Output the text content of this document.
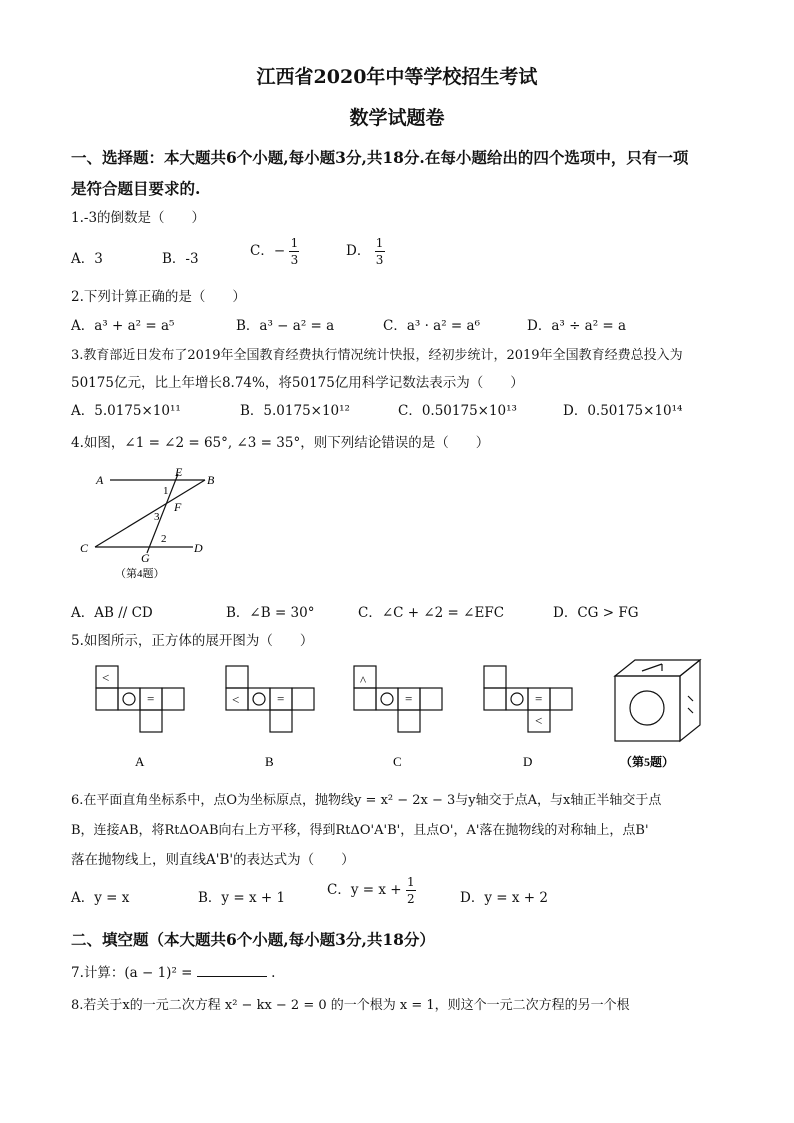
江西省2020年中等学校招生考试
数学试题卷
一、选择题：本大题共6个小题,每小题3分,共18分.在每小题给出的四个选项中，只有一项
是符合题目要求的.
1.-3的倒数是（　　）
A．3	B．-3	C．− $\frac{1}{3}$	D． $\frac{1}{3}$
2.下列计算正确的是（　　）
A．a³ + a² = a⁵	B．a³ − a² = a	C．a³ · a² = a⁶	D．a³ ÷ a² = a
3.教育部近日发布了2019年全国教育经费执行情况统计快报，经初步统计，2019年全国教育经费总投入为
50175亿元，比上年增长8.74%，将50175亿用科学记数法表示为（　　）
A．5.0175×10¹¹	B．5.0175×10¹²	C．0.50175×10¹³	D．0.50175×10¹⁴
4.如图，∠1 = ∠2 = 65°, ∠3 = 35°，则下列结论错误的是（　　）
A	B
E
1
F
3
2
C
G
D
（第4题）
A．AB // CD	B．∠B = 30°	C．∠C + ∠2 = ∠EFC	D．CG > FG
5.如图所示，正方体的展开图为（　　）
<
=	<	=
^
=	=
<
A	B	C	D	（第5题）
6.在平面直角坐标系中，点O为坐标原点，抛物线y = x² − 2x − 3与y轴交于点A，与x轴正半轴交于点
B，连接AB，将RtΔOAB向右上方平移，得到RtΔO'A'B'，且点O'，A'落在抛物线的对称轴上，点B'
落在抛物线上，则直线A'B'的表达式为（　　）
A．y = x	B．y = x + 1	C．$y = x + \frac{1}{2}$	D．y = x + 2
二、填空题（本大题共6个小题,每小题3分,共18分）
7.计算：(a − 1)² =	.
8.若关于x的一元二次方程 x² − kx − 2 = 0 的一个根为 x = 1，则这个一元二次方程的另一个根
